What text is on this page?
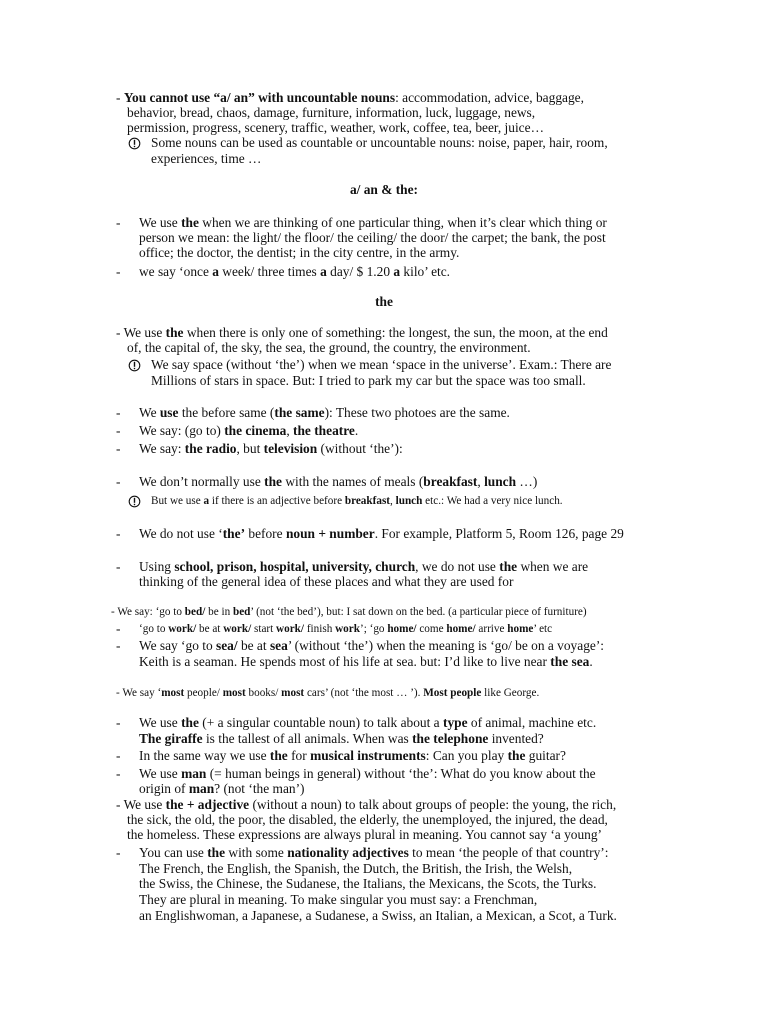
- You cannot use “a/ an” with uncountable nouns: accommodation, advice, baggage,
behavior, bread, chaos, damage, furniture, information, luck, luggage, news,
permission, progress, scenery, traffic, weather, work, coffee, tea, beer, juice…
Some nouns can be used as countable or uncountable nouns: noise, paper, hair, room,
experiences, time …
a/ an & the:
- We use the when we are thinking of one particular thing, when it’s clear which thing or
person we mean: the light/ the floor/ the ceiling/ the door/ the carpet; the bank, the post
office; the doctor, the dentist; in the city centre, in the army.
- we say ‘once a week/ three times a day/ $ 1.20 a kilo’ etc.
the
- We use the when there is only one of something: the longest, the sun, the moon, at the end
of, the capital of, the sky, the sea, the ground, the country, the environment.
We say space (without ‘the’) when we mean ‘space in the universe’. Exam.: There are
Millions of stars in space. But: I tried to park my car but the space was too small.
- We use the before same (the same): These two photoes are the same.
- We say: (go to) the cinema, the theatre.
- We say: the radio, but television (without ‘the’):
- We don’t normally use the with the names of meals (breakfast, lunch …)
But we use a if there is an adjective before breakfast, lunch etc.: We had a very nice lunch.
- We do not use ‘the’ before noun + number. For example, Platform 5, Room 126, page 29
- Using school, prison, hospital, university, church, we do not use the when we are
thinking of the general idea of these places and what they are used for
- We say: ‘go to bed/ be in bed’ (not ‘the bed’), but: I sat down on the bed. (a particular piece of furniture)
- ‘go to work/ be at work/ start work/ finish work’; ‘go home/ come home/ arrive home’ etc
- We say ‘go to sea/ be at sea’ (without ‘the’) when the meaning is ‘go/ be on a voyage’:
Keith is a seaman. He spends most of his life at sea. but: I’d like to live near the sea.
- We say ‘most people/ most books/ most cars’ (not ‘the most … ’). Most people like George.
- We use the (+ a singular countable noun) to talk about a type of animal, machine etc.
The giraffe is the tallest of all animals. When was the telephone invented?
- In the same way we use the for musical instruments: Can you play the guitar?
- We use man (= human beings in general) without ‘the’: What do you know about the
origin of man? (not ‘the man’)
- We use the + adjective (without a noun) to talk about groups of people: the young, the rich,
the sick, the old, the poor, the disabled, the elderly, the unemployed, the injured, the dead,
the homeless. These expressions are always plural in meaning. You cannot say ‘a young’
- You can use the with some nationality adjectives to mean ‘the people of that country’:
The French, the English, the Spanish, the Dutch, the British, the Irish, the Welsh,
the Swiss, the Chinese, the Sudanese, the Italians, the Mexicans, the Scots, the Turks.
They are plural in meaning. To make singular you must say: a Frenchman,
an Englishwoman, a Japanese, a Sudanese, a Swiss, an Italian, a Mexican, a Scot, a Turk.
